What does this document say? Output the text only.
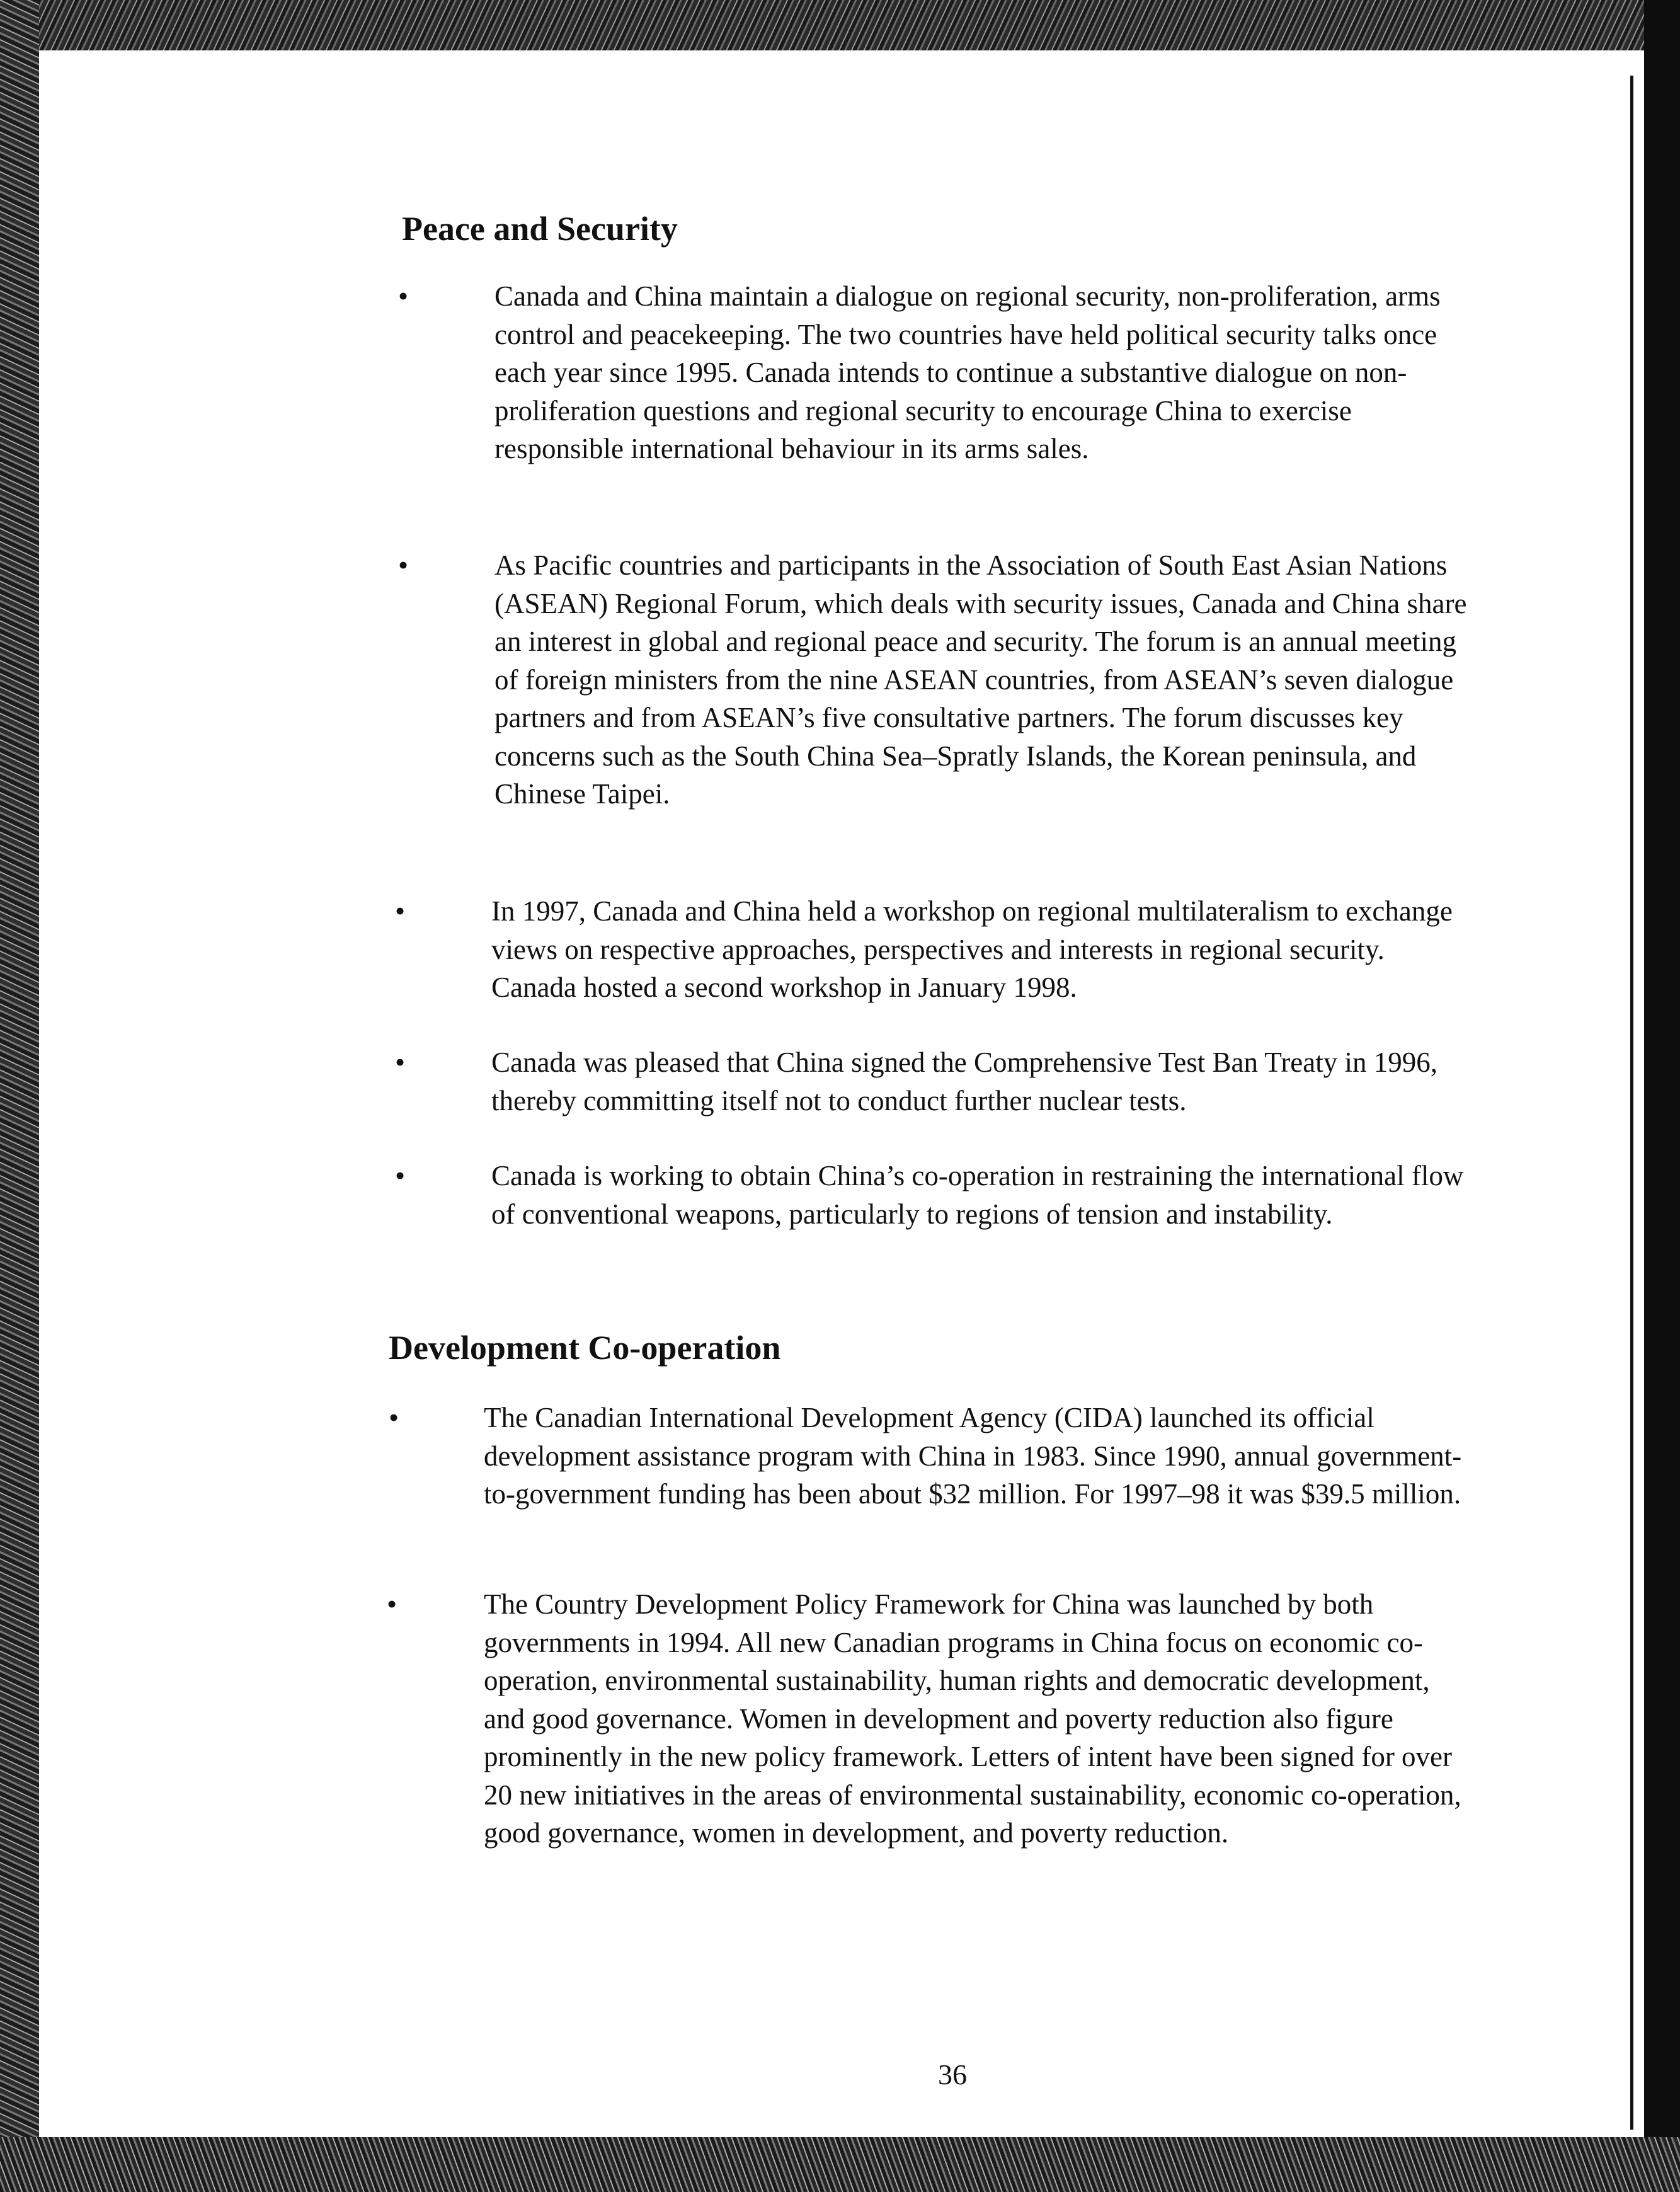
Peace and Security
•	Canada and China maintain a dialogue on regional security, non-proliferation, arms control and peacekeeping. The two countries have held political security talks once each year since 1995. Canada intends to continue a substantive dialogue on non-proliferation questions and regional security to encourage China to exercise responsible international behaviour in its arms sales.

•	As Pacific countries and participants in the Association of South East Asian Nations (ASEAN) Regional Forum, which deals with security issues, Canada and China share an interest in global and regional peace and security. The forum is an annual meeting of foreign ministers from the nine ASEAN countries, from ASEAN’s seven dialogue partners and from ASEAN’s five consultative partners. The forum discusses key concerns such as the South China Sea–Spratly Islands, the Korean peninsula, and Chinese Taipei.

•	In 1997, Canada and China held a workshop on regional multilateralism to exchange views on respective approaches, perspectives and interests in regional security. Canada hosted a second workshop in January 1998.

•	Canada was pleased that China signed the Comprehensive Test Ban Treaty in 1996, thereby committing itself not to conduct further nuclear tests.

•	Canada is working to obtain China’s co-operation in restraining the international flow of conventional weapons, particularly to regions of tension and instability.

Development Co-operation
•	The Canadian International Development Agency (CIDA) launched its official development assistance program with China in 1983. Since 1990, annual government-to-government funding has been about $32 million. For 1997–98 it was $39.5 million.

•	The Country Development Policy Framework for China was launched by both governments in 1994. All new Canadian programs in China focus on economic co-operation, environmental sustainability, human rights and democratic development, and good governance. Women in development and poverty reduction also figure prominently in the new policy framework. Letters of intent have been signed for over 20 new initiatives in the areas of environmental sustainability, economic co-operation, good governance, women in development, and poverty reduction.

36
